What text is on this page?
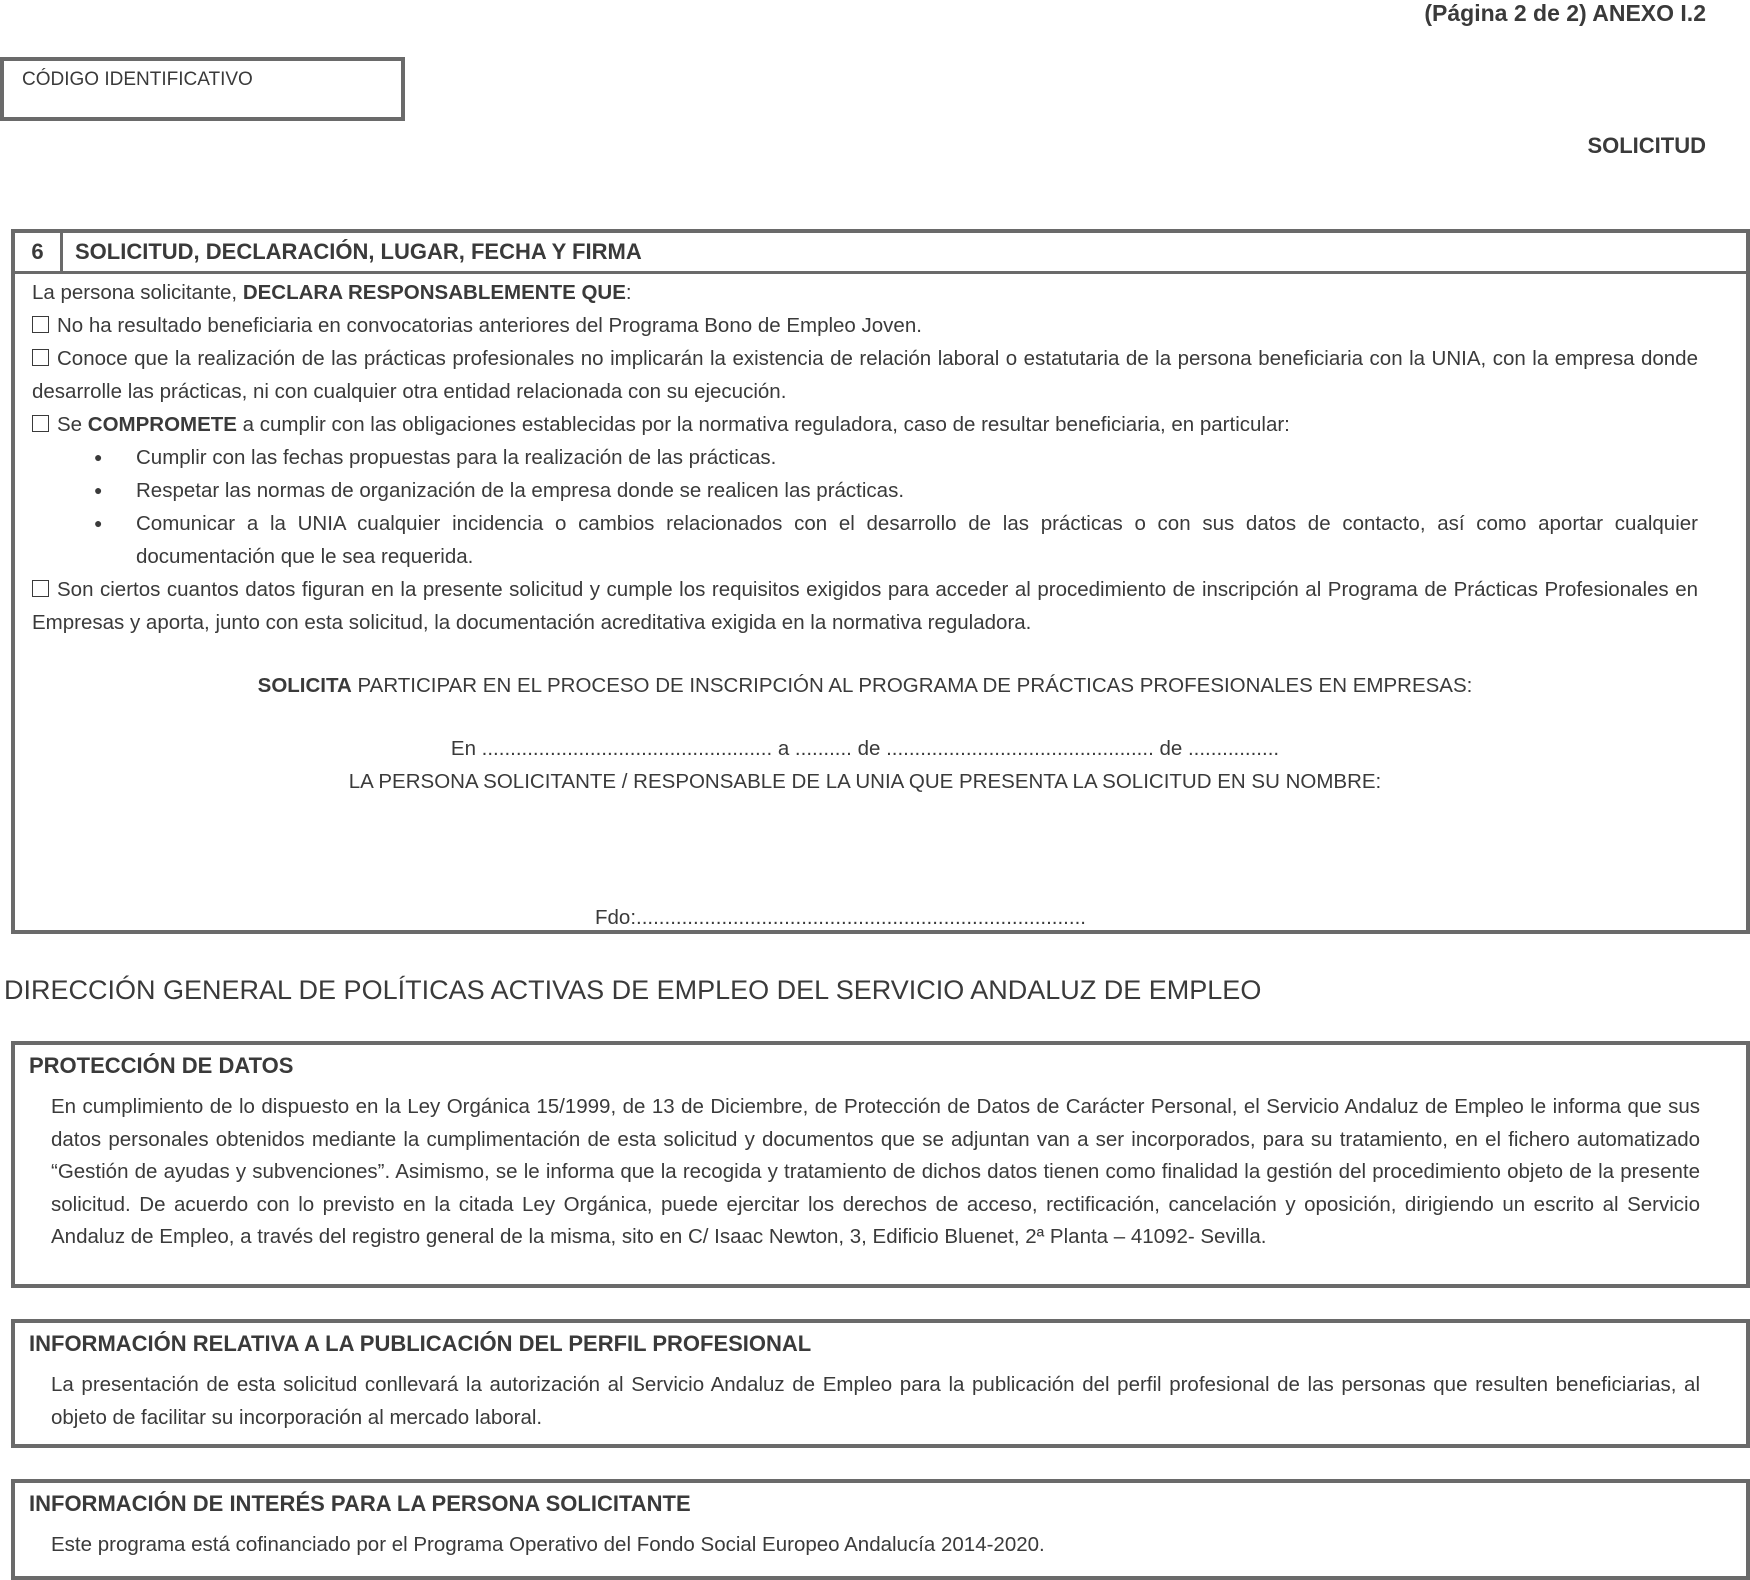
(Página 2 de 2) ANEXO I.2
CÓDIGO IDENTIFICATIVO
SOLICITUD
6	SOLICITUD, DECLARACIÓN, LUGAR, FECHA Y FIRMA

La persona solicitante, DECLARA RESPONSABLEMENTE QUE:

No ha resultado beneficiaria en convocatorias anteriores del Programa Bono de Empleo Joven.

Conoce que la realización de las prácticas profesionales no implicarán la existencia de relación laboral o estatutaria de la persona beneficiaria con la UNIA, con la empresa donde desarrolle las prácticas, ni con cualquier otra entidad relacionada con su ejecución.

Se COMPROMETE a cumplir con las obligaciones establecidas por la normativa reguladora, caso de resultar beneficiaria, en particular:

● Cumplir con las fechas propuestas para la realización de las prácticas.
● Respetar las normas de organización de la empresa donde se realicen las prácticas.
● Comunicar a la UNIA cualquier incidencia o cambios relacionados con el desarrollo de las prácticas o con sus datos de contacto, así como aportar cualquier documentación que le sea requerida.

Son ciertos cuantos datos figuran en la presente solicitud y cumple los requisitos exigidos para acceder al procedimiento de inscripción al Programa de Prácticas Profesionales en Empresas y aporta, junto con esta solicitud, la documentación acreditativa exigida en la normativa reguladora.

SOLICITA PARTICIPAR EN EL PROCESO DE INSCRIPCIÓN AL PROGRAMA DE PRÁCTICAS PROFESIONALES EN EMPRESAS:

En ................................................... a .......... de ............................................... de ................

LA PERSONA SOLICITANTE / RESPONSABLE DE LA UNIA QUE PRESENTA LA SOLICITUD EN SU NOMBRE:

Fdo:...............................................................................
DIRECCIÓN GENERAL DE POLÍTICAS ACTIVAS DE EMPLEO DEL SERVICIO ANDALUZ DE EMPLEO
PROTECCIÓN DE DATOS

En cumplimiento de lo dispuesto en la Ley Orgánica 15/1999, de 13 de Diciembre, de Protección de Datos de Carácter Personal, el Servicio Andaluz de Empleo le informa que sus datos personales obtenidos mediante la cumplimentación de esta solicitud y documentos que se adjuntan van a ser incorporados, para su tratamiento, en el fichero automatizado “Gestión de ayudas y subvenciones”. Asimismo, se le informa que la recogida y tratamiento de dichos datos tienen como finalidad la gestión del procedimiento objeto de la presente solicitud. De acuerdo con lo previsto en la citada Ley Orgánica, puede ejercitar los derechos de acceso, rectificación, cancelación y oposición, dirigiendo un escrito al Servicio Andaluz de Empleo, a través del registro general de la misma, sito en C/ Isaac Newton, 3, Edificio Bluenet, 2ª Planta – 41092- Sevilla.

INFORMACIÓN RELATIVA A LA PUBLICACIÓN DEL PERFIL PROFESIONAL

La presentación de esta solicitud conllevará la autorización al Servicio Andaluz de Empleo para la publicación del perfil profesional de las personas que resulten beneficiarias, al objeto de facilitar su incorporación al mercado laboral.

INFORMACIÓN DE INTERÉS PARA LA PERSONA SOLICITANTE

Este programa está cofinanciado por el Programa Operativo del Fondo Social Europeo Andalucía 2014-2020.
